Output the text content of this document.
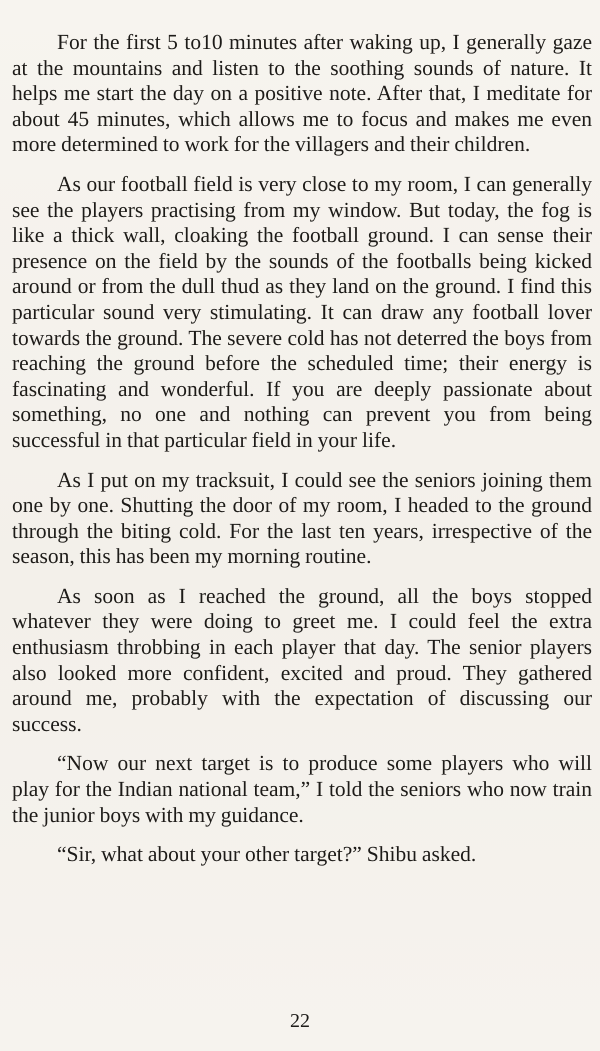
For the first 5 to10 minutes after waking up, I generally gaze at the mountains and listen to the soothing sounds of nature. It helps me start the day on a positive note. After that, I meditate for about 45 minutes, which allows me to focus and makes me even more determined to work for the villagers and their children.

As our football field is very close to my room, I can generally see the players practising from my window. But today, the fog is like a thick wall, cloaking the football ground. I can sense their presence on the field by the sounds of the footballs being kicked around or from the dull thud as they land on the ground. I find this particular sound very stimulating. It can draw any football lover towards the ground. The severe cold has not deterred the boys from reaching the ground before the scheduled time; their energy is fascinating and wonderful. If you are deeply passionate about something, no one and nothing can prevent you from being successful in that particular field in your life.

As I put on my tracksuit, I could see the seniors joining them one by one. Shutting the door of my room, I headed to the ground through the biting cold. For the last ten years, irrespective of the season, this has been my morning routine.

As soon as I reached the ground, all the boys stopped whatever they were doing to greet me. I could feel the extra enthusiasm throbbing in each player that day. The senior players also looked more confident, excited and proud. They gathered around me, probably with the expectation of discussing our success.

“Now our next target is to produce some players who will play for the Indian national team,” I told the seniors who now train the junior boys with my guidance.

“Sir, what about your other target?” Shibu asked.

22
